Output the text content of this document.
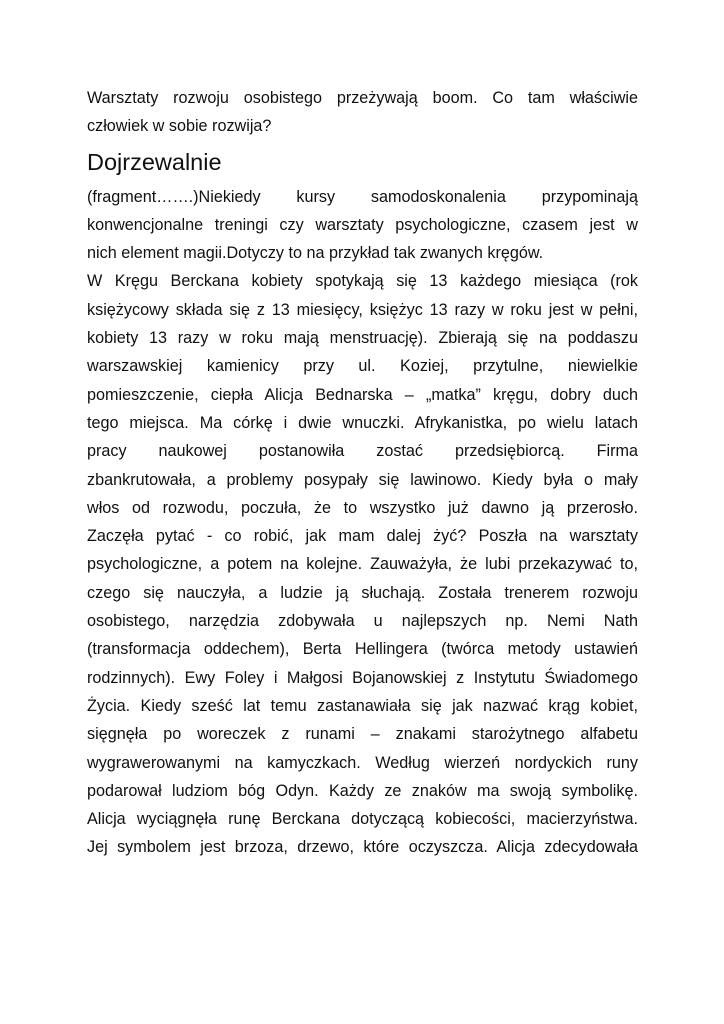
Warsztaty rozwoju osobistego przeżywają boom. Co tam właściwie
człowiek w sobie rozwija?
Dojrzewalnie
(fragment…….)Niekiedy kursy samodoskonalenia przypominają
konwencjonalne treningi czy warsztaty psychologiczne, czasem jest w
nich element magii.Dotyczy to na przykład tak zwanych kręgów.
W Kręgu Berckana kobiety spotykają się 13 każdego miesiąca (rok
księżycowy składa się z 13 miesięcy, księżyc 13 razy w roku jest w pełni,
kobiety 13 razy w roku mają menstruację). Zbierają się na poddaszu
warszawskiej kamienicy przy ul. Koziej, przytulne, niewielkie
pomieszczenie, ciepła Alicja Bednarska – „matka” kręgu, dobry duch
tego miejsca. Ma córkę i dwie wnuczki. Afrykanistka, po wielu latach
pracy naukowej postanowiła zostać przedsiębiorcą. Firma
zbankrutowała, a problemy posypały się lawinowo. Kiedy była o mały
włos od rozwodu, poczuła, że to wszystko już dawno ją przerosło.
Zaczęła pytać - co robić, jak mam dalej żyć? Poszła na warsztaty
psychologiczne, a potem na kolejne. Zauważyła, że lubi przekazywać to,
czego się nauczyła, a ludzie ją słuchają. Została trenerem rozwoju
osobistego, narzędzia zdobywała u najlepszych np. Nemi Nath
(transformacja oddechem), Berta Hellingera (twórca metody ustawień
rodzinnych). Ewy Foley i Małgosi Bojanowskiej z Instytutu Świadomego
Życia. Kiedy sześć lat temu zastanawiała się jak nazwać krąg kobiet,
sięgnęła po woreczek z runami – znakami starożytnego alfabetu
wygrawerowanymi na kamyczkach. Według wierzeń nordyckich runy
podarował ludziom bóg Odyn. Każdy ze znaków ma swoją symbolikę.
Alicja wyciągnęła runę Berckana dotyczącą kobiecości, macierzyństwa.
Jej symbolem jest brzoza, drzewo, które oczyszcza. Alicja zdecydowała
